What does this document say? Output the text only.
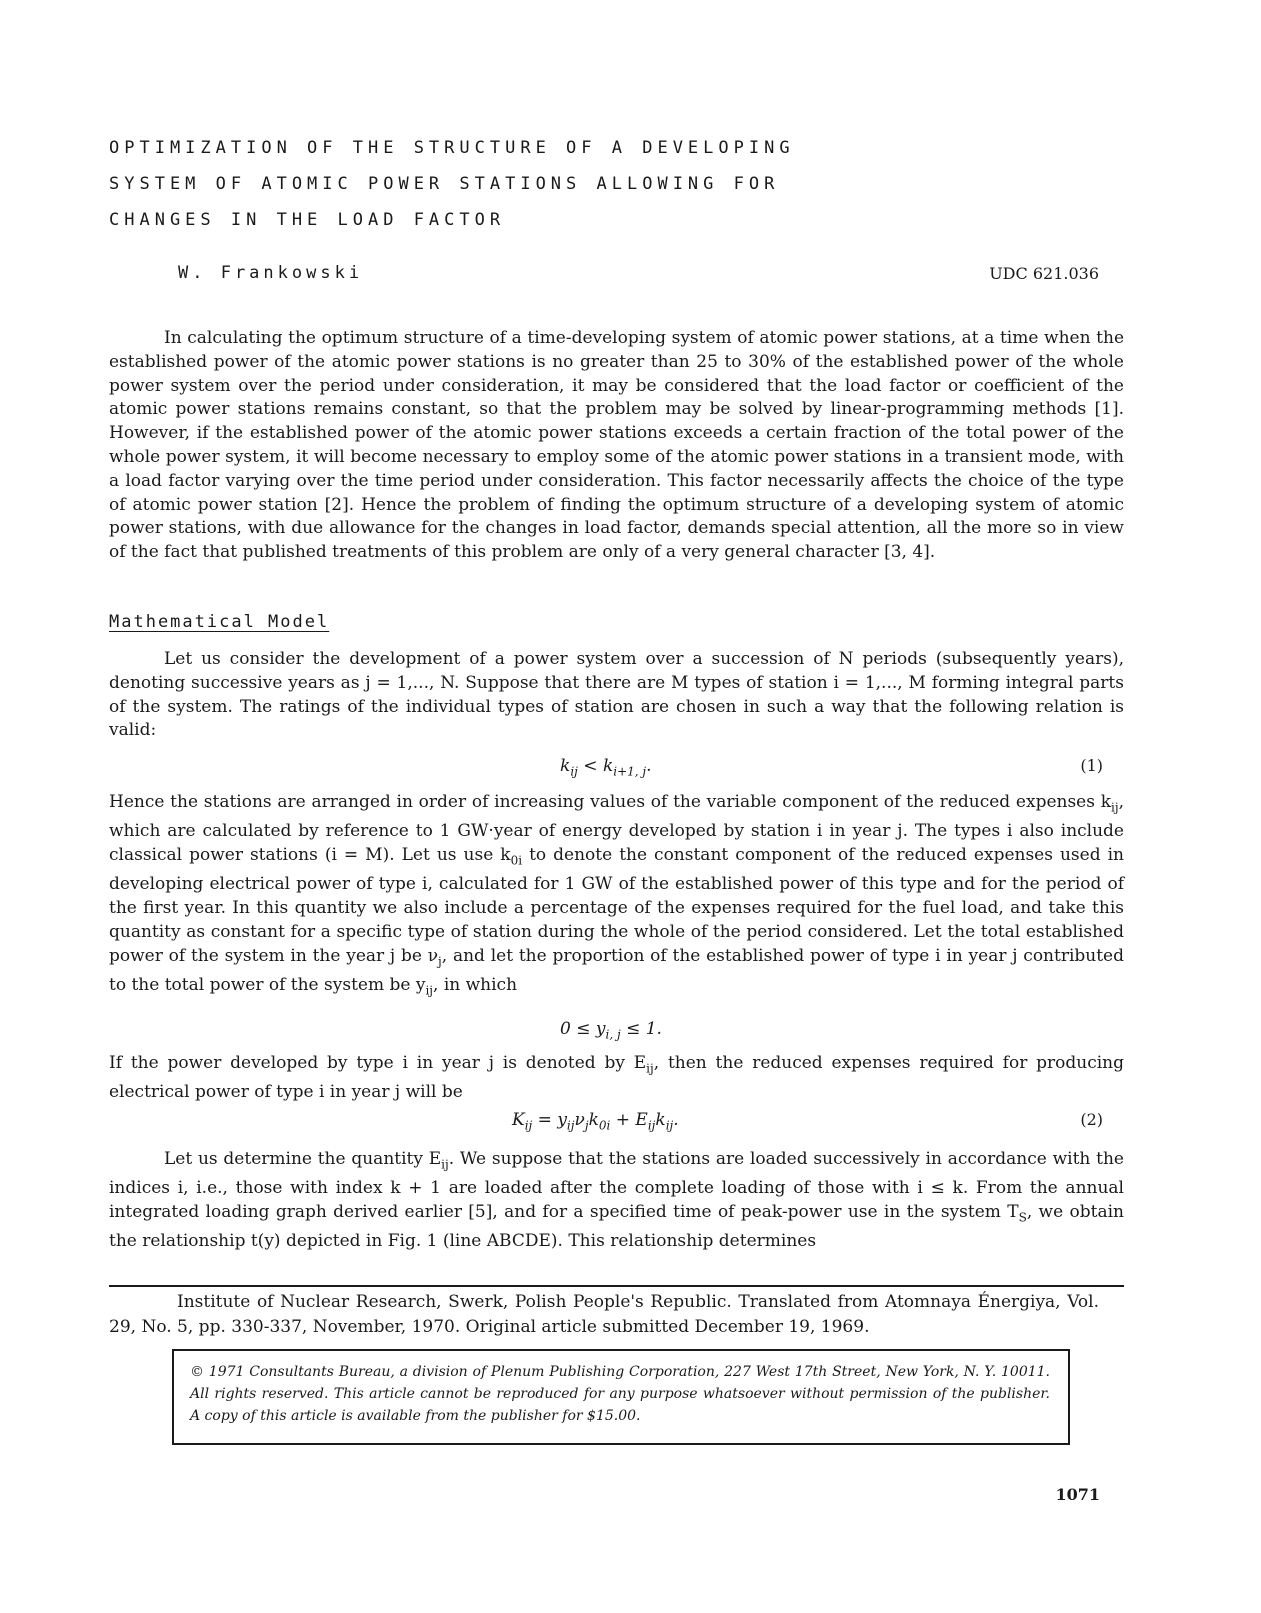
OPTIMIZATION OF THE STRUCTURE OF A DEVELOPING
SYSTEM OF ATOMIC POWER STATIONS ALLOWING FOR
CHANGES IN THE LOAD FACTOR
W. Frankowski	UDC 621.036

In calculating the optimum structure of a time-developing system of atomic power stations, at a time when the established power of the atomic power stations is no greater than 25 to 30% of the established power of the whole power system over the period under consideration, it may be considered that the load factor or coefficient of the atomic power stations remains constant, so that the problem may be solved by linear-programming methods [1]. However, if the established power of the atomic power stations exceeds a certain fraction of the total power of the whole power system, it will become necessary to employ some of the atomic power stations in a transient mode, with a load factor varying over the time period under consideration. This factor necessarily affects the choice of the type of atomic power station [2]. Hence the problem of finding the optimum structure of a developing system of atomic power stations, with due allowance for the changes in load factor, demands special attention, all the more so in view of the fact that published treatments of this problem are only of a very general character [3, 4].

Mathematical Model

Let us consider the development of a power system over a succession of N periods (subsequently years), denoting successive years as j = 1,..., N. Suppose that there are M types of station i = 1,..., M forming integral parts of the system. The ratings of the individual types of station are chosen in such a way that the following relation is valid:

$k_{ij} < k_{i+1, j}$.	(1)

Hence the stations are arranged in order of increasing values of the variable component of the reduced expenses $k_{ij}$, which are calculated by reference to 1 GW·year of energy developed by station i in year j. The types i also include classical power stations (i = M). Let us use $k_{0i}$ to denote the constant component of the reduced expenses used in developing electrical power of type i, calculated for 1 GW of the established power of this type and for the period of the first year. In this quantity we also include a percentage of the expenses required for the fuel load, and take this quantity as constant for a specific type of station during the whole of the period considered. Let the total established power of the system in the year j be $\nu_j$, and let the proportion of the established power of type i in year j contributed to the total power of the system be $y_{ij}$, in which

$0 \le y_{i, j} \le 1$.

If the power developed by type i in year j is denoted by $E_{ij}$, then the reduced expenses required for producing electrical power of type i in year j will be

$K_{ij} = y_{ij}\nu_jk_{0i} + E_{ij}k_{ij}$.	(2)

Let us determine the quantity $E_{ij}$. We suppose that the stations are loaded successively in accordance with the indices i, i.e., those with index k + 1 are loaded after the complete loading of those with i ≤ k. From the annual integrated loading graph derived earlier [5], and for a specified time of peak-power use in the system $T_S$, we obtain the relationship t(y) depicted in Fig. 1 (line ABCDE). This relationship determines

Institute of Nuclear Research, Swerk, Polish People's Republic. Translated from Atomnaya Énergiya, Vol. 29, No. 5, pp. 330-337, November, 1970. Original article submitted December 19, 1969.

© 1971 Consultants Bureau, a division of Plenum Publishing Corporation, 227 West 17th Street, New York, N. Y. 10011. All rights reserved. This article cannot be reproduced for any purpose whatsoever without permission of the publisher. A copy of this article is available from the publisher for $15.00.

1071
